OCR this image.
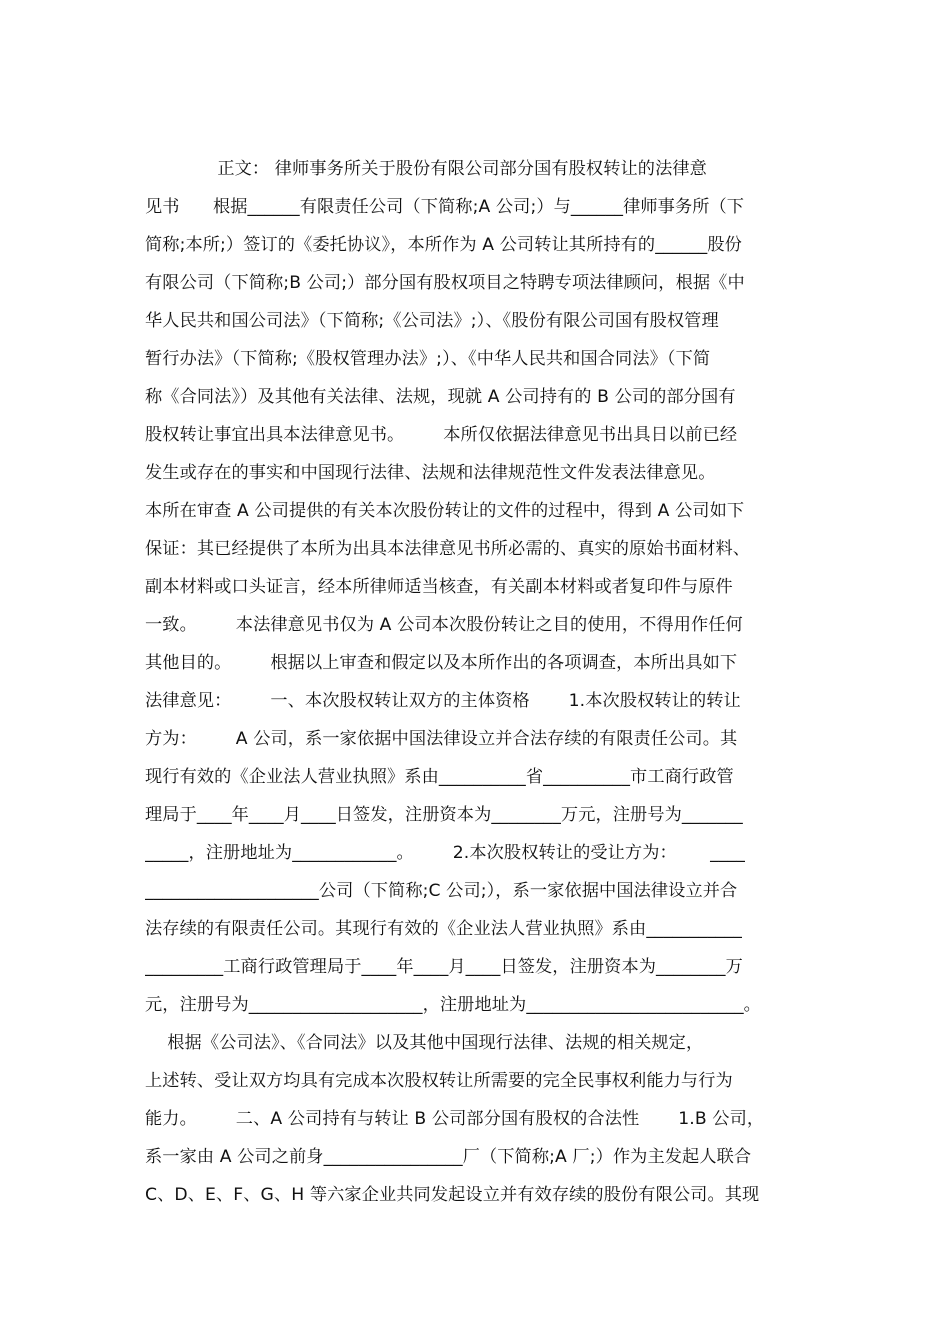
正文： 律师事务所关于股份有限公司部分国有股权转让的法律意
见书      根据______有限责任公司（下简称;A 公司;）与______律师事务所（下
简称;本所;）签订的《委托协议》，本所作为 A 公司转让其所持有的______股份
有限公司（下简称;B 公司;）部分国有股权项目之特聘专项法律顾问，根据《中
华人民共和国公司法》（下简称;《公司法》;）、《股份有限公司国有股权管理
暂行办法》（下简称;《股权管理办法》;）、《中华人民共和国合同法》（下简
称《合同法》）及其他有关法律、法规，现就 A 公司持有的 B 公司的部分国有
股权转让事宜出具本法律意见书。       本所仅依据法律意见书出具日以前已经
发生或存在的事实和中国现行法律、法规和法律规范性文件发表法律意见。
本所在审查 A 公司提供的有关本次股份转让的文件的过程中，得到 A 公司如下
保证：其已经提供了本所为出具本法律意见书所必需的、真实的原始书面材料、
副本材料或口头证言，经本所律师适当核查，有关副本材料或者复印件与原件
一致。       本法律意见书仅为 A 公司本次股份转让之目的使用，不得用作任何
其他目的。       根据以上审查和假定以及本所作出的各项调查，本所出具如下
法律意见：       一、本次股权转让双方的主体资格       1.本次股权转让的转让
方为：       A 公司，系一家依据中国法律设立并合法存续的有限责任公司。其
现行有效的《企业法人营业执照》系由__________省__________市工商行政管
理局于____年____月____日签发，注册资本为________万元，注册号为_______
_____，注册地址为____________。       2.本次股权转让的受让方为：      ____
____________________公司（下简称;C 公司;），系一家依据中国法律设立并合
法存续的有限责任公司。其现行有效的《企业法人营业执照》系由___________
_________工商行政管理局于____年____月____日签发，注册资本为________万
元，注册号为____________________，注册地址为_________________________。
根据《公司法》、《合同法》以及其他中国现行法律、法规的相关规定，
上述转、受让双方均具有完成本次股权转让所需要的完全民事权利能力与行为
能力。       二、A 公司持有与转让 B 公司部分国有股权的合法性       1.B 公司，
系一家由 A 公司之前身________________厂（下简称;A 厂;）作为主发起人联合
C、D、E、F、G、H 等六家企业共同发起设立并有效存续的股份有限公司。其现
